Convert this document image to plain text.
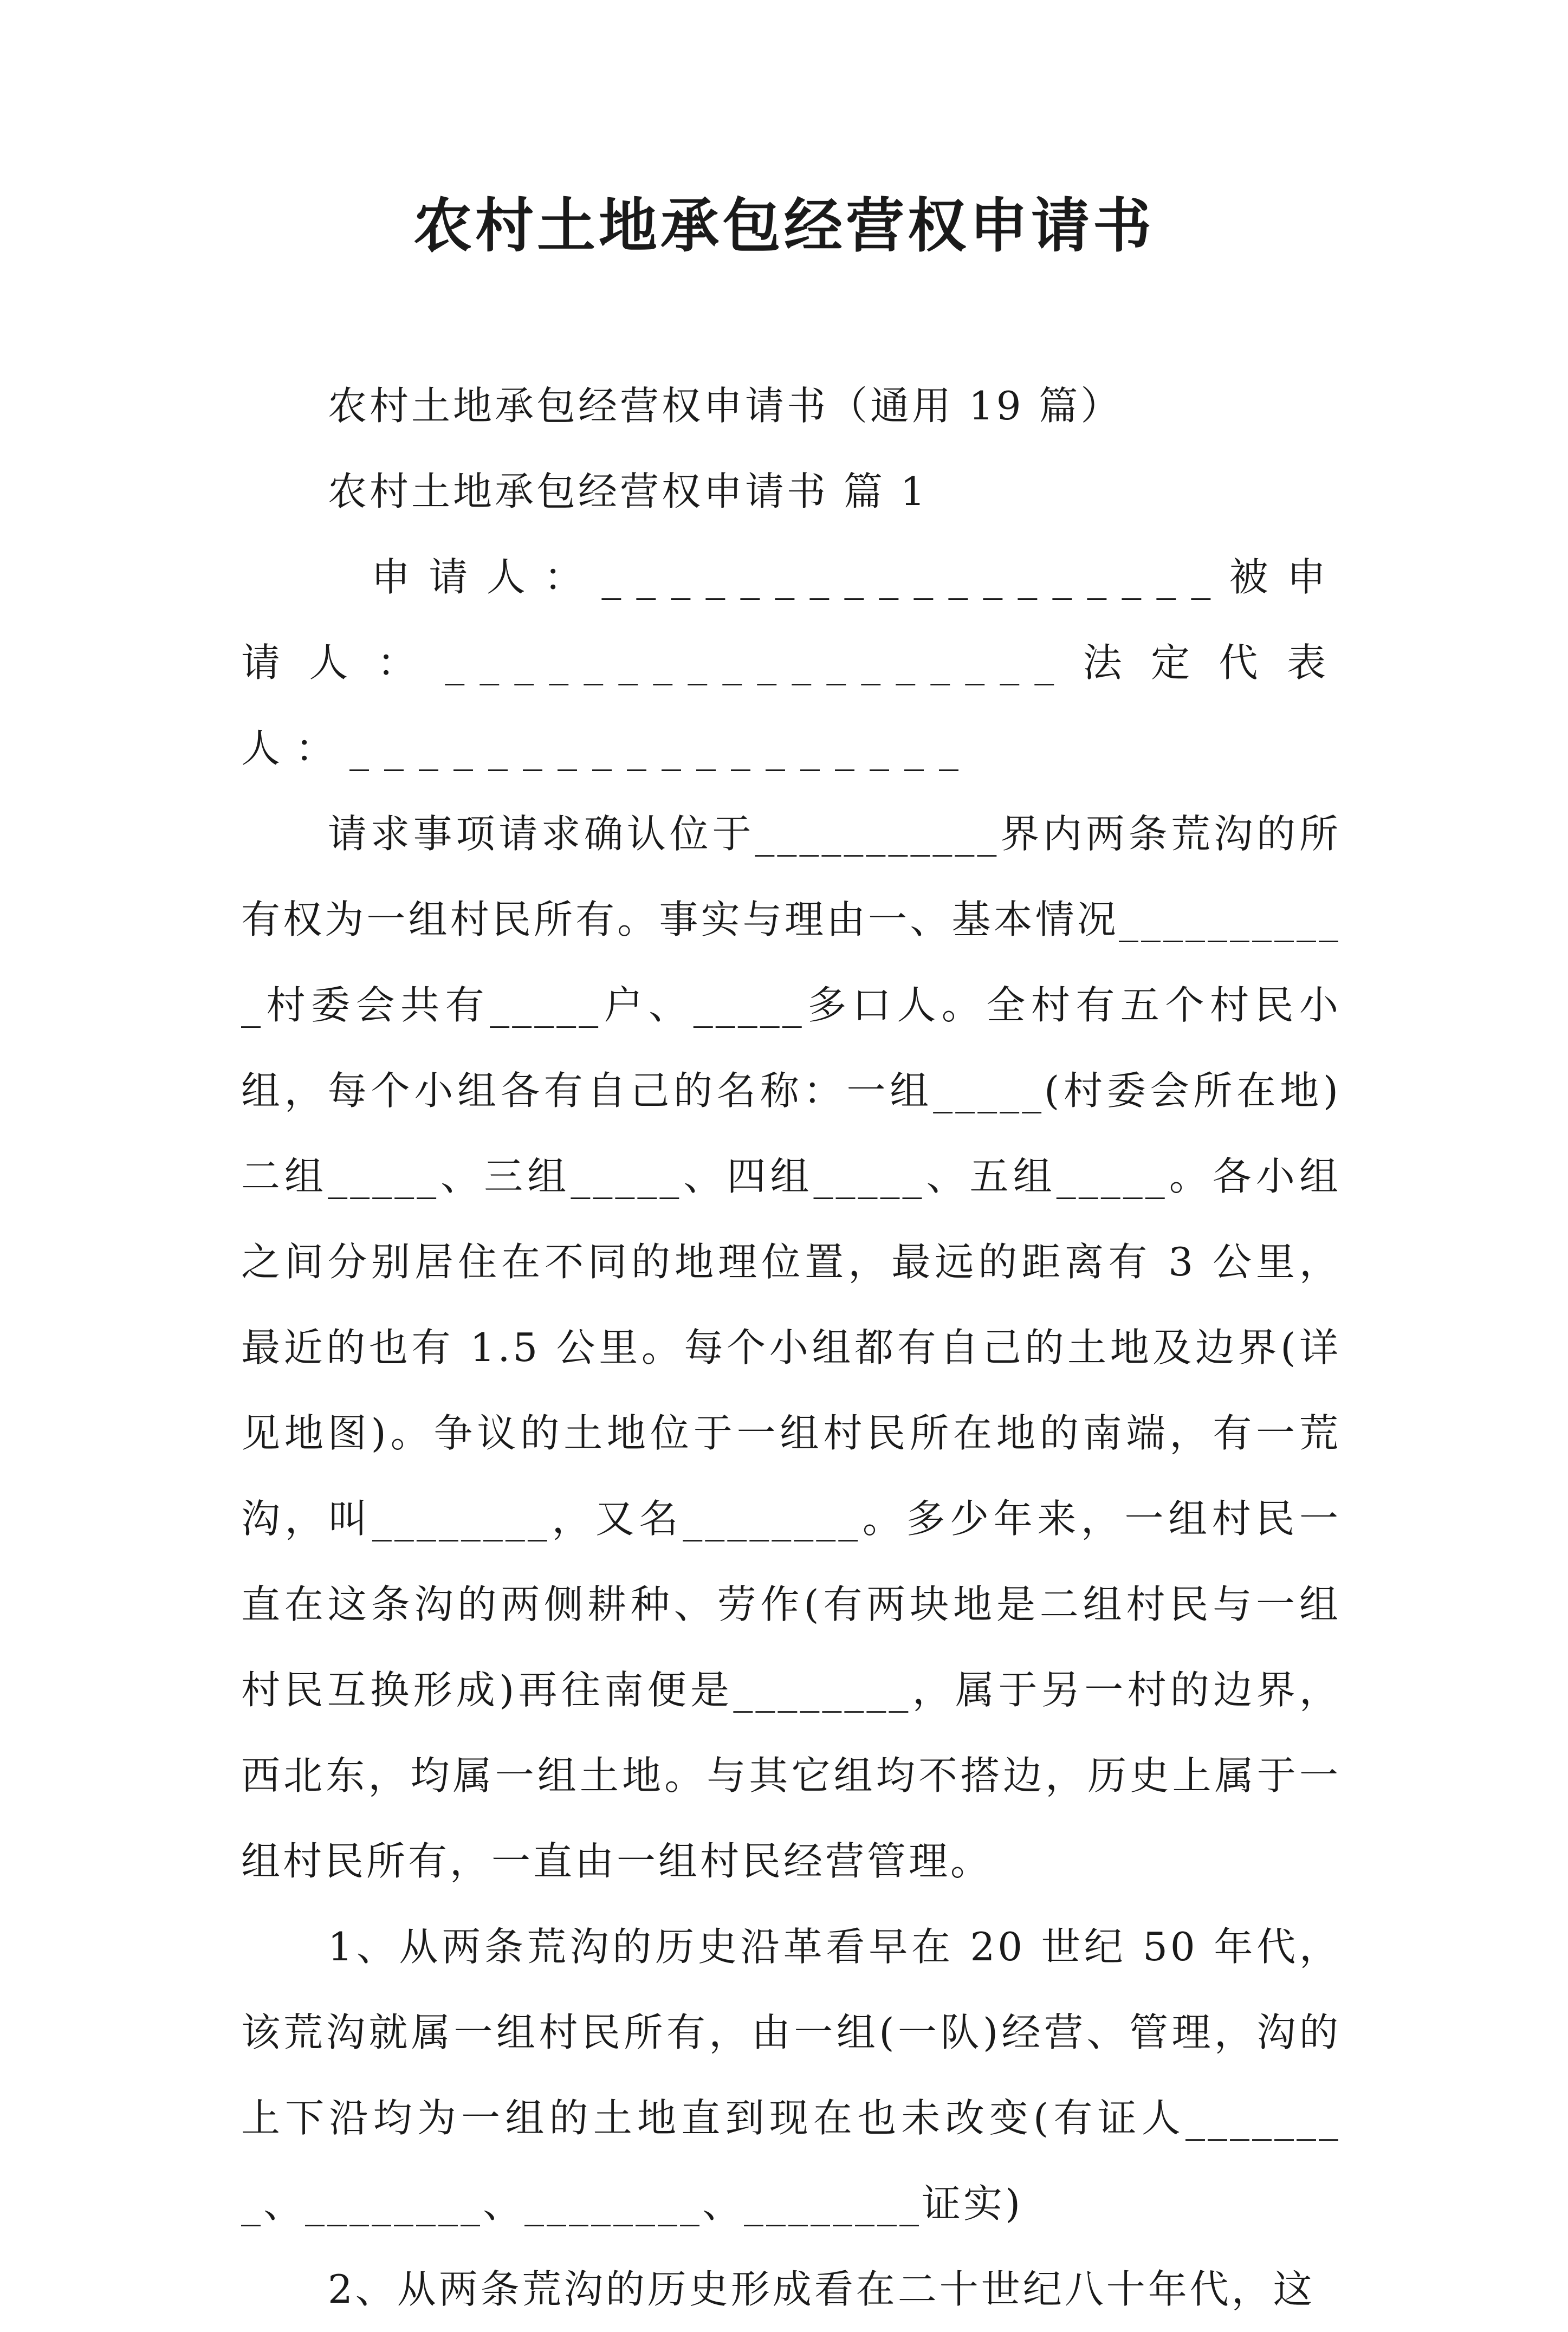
农村土地承包经营权申请书

农村土地承包经营权申请书（通用 19 篇）

农村土地承包经营权申请书 篇 1

申请人：__________________被申请人：__________________法定代表人：__________________

请求事项请求确认位于___________界内两条荒沟的所有权为一组村民所有。事实与理由一、基本情况___________村委会共有_____户、_____多口人。全村有五个村民小组，每个小组各有自己的名称：一组_____(村委会所在地)二组_____、三组_____、四组_____、五组_____。各小组之间分别居住在不同的地理位置，最远的距离有 3 公里，最近的也有 1.5 公里。每个小组都有自己的土地及边界(详见地图)。争议的土地位于一组村民所在地的南端，有一荒沟，叫________，又名________。多少年来，一组村民一直在这条沟的两侧耕种、劳作(有两块地是二组村民与一组村民互换形成)再往南便是________，属于另一村的边界，西北东，均属一组土地。与其它组均不搭边，历史上属于一组村民所有，一直由一组村民经营管理。

1、从两条荒沟的历史沿革看早在 20 世纪 50 年代，该荒沟就属一组村民所有，由一组(一队)经营、管理，沟的上下沿均为一组的土地直到现在也未改变(有证人________、________、________、________证实)

2、从两条荒沟的历史形成看在二十世纪八十年代，这
